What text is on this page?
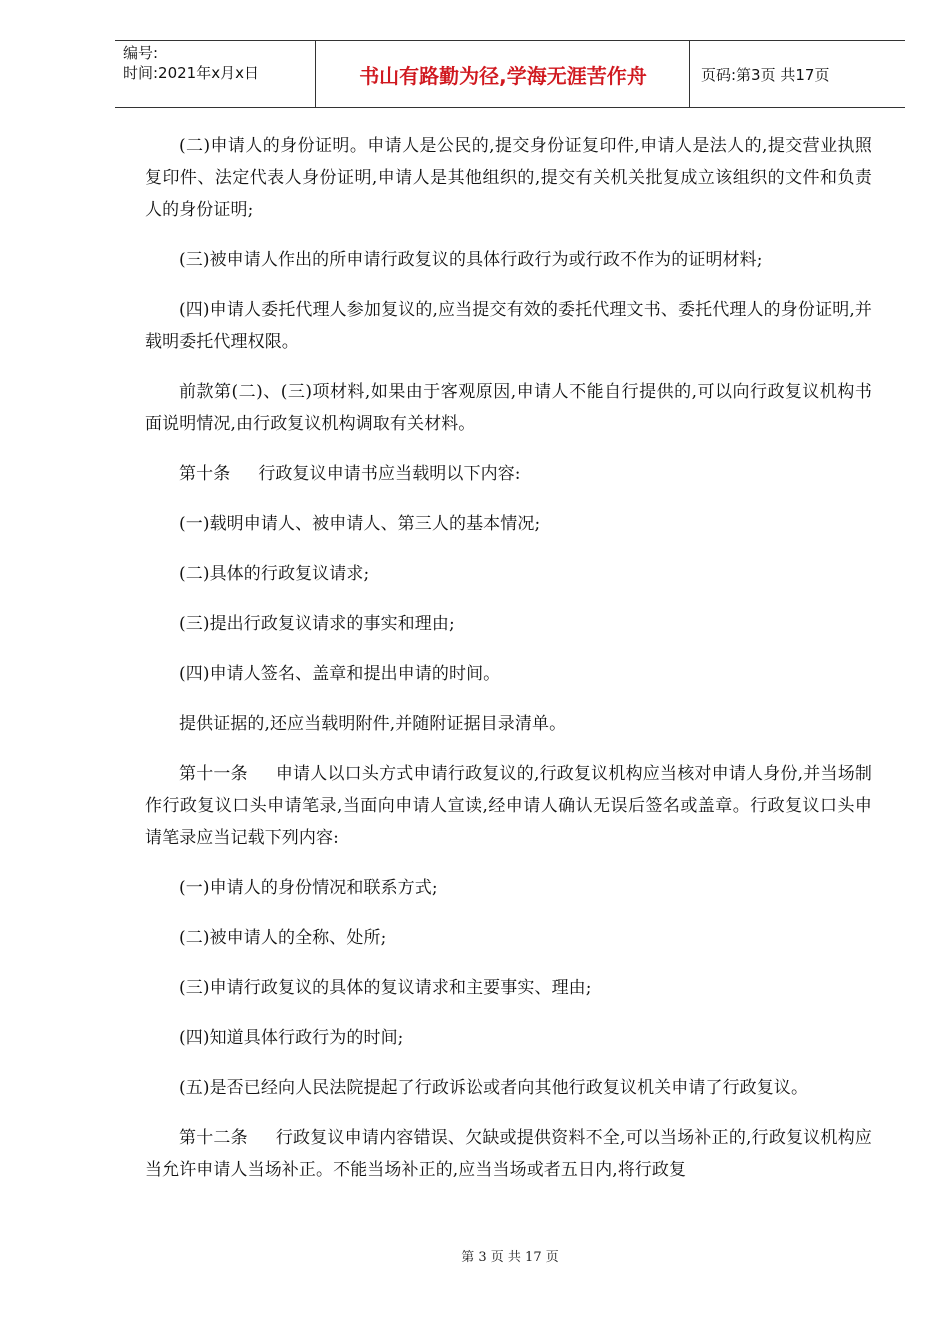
编号:
时间:2021年x月x日	书山有路勤为径,学海无涯苦作舟	页码:第3页 共17页

(二)申请人的身份证明。申请人是公民的,提交身份证复印件,申请人是法人的,提交营业执照复印件、法定代表人身份证明,申请人是其他组织的,提交有关机关批复成立该组织的文件和负责人的身份证明;

(三)被申请人作出的所申请行政复议的具体行政行为或行政不作为的证明材料;

(四)申请人委托代理人参加复议的,应当提交有效的委托代理文书、委托代理人的身份证明,并载明委托代理权限。

前款第(二)、(三)项材料,如果由于客观原因,申请人不能自行提供的,可以向行政复议机构书面说明情况,由行政复议机构调取有关材料。

第十条 行政复议申请书应当载明以下内容:

(一)载明申请人、被申请人、第三人的基本情况;

(二)具体的行政复议请求;

(三)提出行政复议请求的事实和理由;

(四)申请人签名、盖章和提出申请的时间。

提供证据的,还应当载明附件,并随附证据目录清单。

第十一条 申请人以口头方式申请行政复议的,行政复议机构应当核对申请人身份,并当场制作行政复议口头申请笔录,当面向申请人宣读,经申请人确认无误后签名或盖章。行政复议口头申请笔录应当记载下列内容:

(一)申请人的身份情况和联系方式;

(二)被申请人的全称、处所;

(三)申请行政复议的具体的复议请求和主要事实、理由;

(四)知道具体行政行为的时间;

(五)是否已经向人民法院提起了行政诉讼或者向其他行政复议机关申请了行政复议。

第十二条 行政复议申请内容错误、欠缺或提供资料不全,可以当场补正的,行政复议机构应当允许申请人当场补正。不能当场补正的,应当当场或者五日内,将行政复

第 3 页 共 17 页
